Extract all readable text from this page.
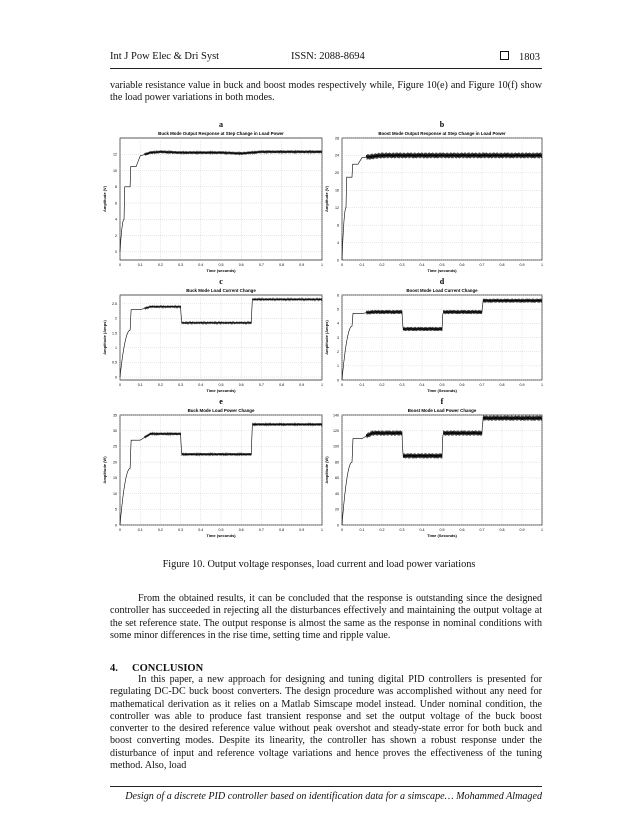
Int J Pow Elec & Dri Syst	ISSN: 2088-8694	1803

variable resistance value in buck and boost modes respectively while, Figure 10(e) and Figure 10(f) show the load power variations in both modes.

0	0.1	0.2	0.3	0.4	0.5	0.6	0.7	0.8	0.9	1
0
2
4
6
8
10
12
a
Buck Mode Output Response at Step Change in Load Power
Time (seconds)
Amplitude (V)
0	0.1	0.2	0.3	0.4	0.5	0.6	0.7	0.8	0.9	1
0
4
8
12
16
20
24
28
b
Boost Mode Output Response at Step Change in Load Power
Time (seconds)
Amplitude (V)
0	0.1	0.2	0.3	0.4	0.5	0.6	0.7	0.8	0.9	1
0
0.5
1
1.5
2
2.5
c
Buck Mode Load Current Change
Time (seconds)
Amplitude (Amps)
0	0.1	0.2	0.3	0.4	0.5	0.6	0.7	0.8	0.9	1
0
1
2
3
4
5
6
d
Boost Mode Load Current Change
Time (Seconds)
Amplitude (Amps)
0	0.1	0.2	0.3	0.4	0.5	0.6	0.7	0.8	0.9	1
0
5
10
15
20
25
30
35
e
Buck Mode Load Power Change
Time (seconds)
Amplitude (W)
0	0.1	0.2	0.3	0.4	0.5	0.6	0.7	0.8	0.9	1
0
20
40
60
80
100
120
140
f
Boost Mode Load Power Change
Time (Seconds)
Amplitude (W)

Figure 10. Output voltage responses, load current and load power variations

From the obtained results, it can be concluded that the response is outstanding since the designed controller has succeeded in rejecting all the disturbances effectively and maintaining the output voltage at the set reference state. The output response is almost the same as the response in nominal conditions with some minor differences in the rise time, setting time and ripple value.

4. CONCLUSION

In this paper, a new approach for designing and tuning digital PID controllers is presented for regulating DC-DC buck boost converters. The design procedure was accomplished without any need for mathematical derivation as it relies on a Matlab Simscape model instead. Under nominal condition, the controller was able to produce fast transient response and set the output voltage of the buck boost converter to the desired reference value without peak overshot and steady-state error for both buck and boost converting modes. Despite its linearity, the controller has shown a robust response under the disturbance of input and reference voltage variations and hence proves the effectiveness of the tuning method. Also, load

Design of a discrete PID controller based on identification data for a simscape… Mohammed Almaged
